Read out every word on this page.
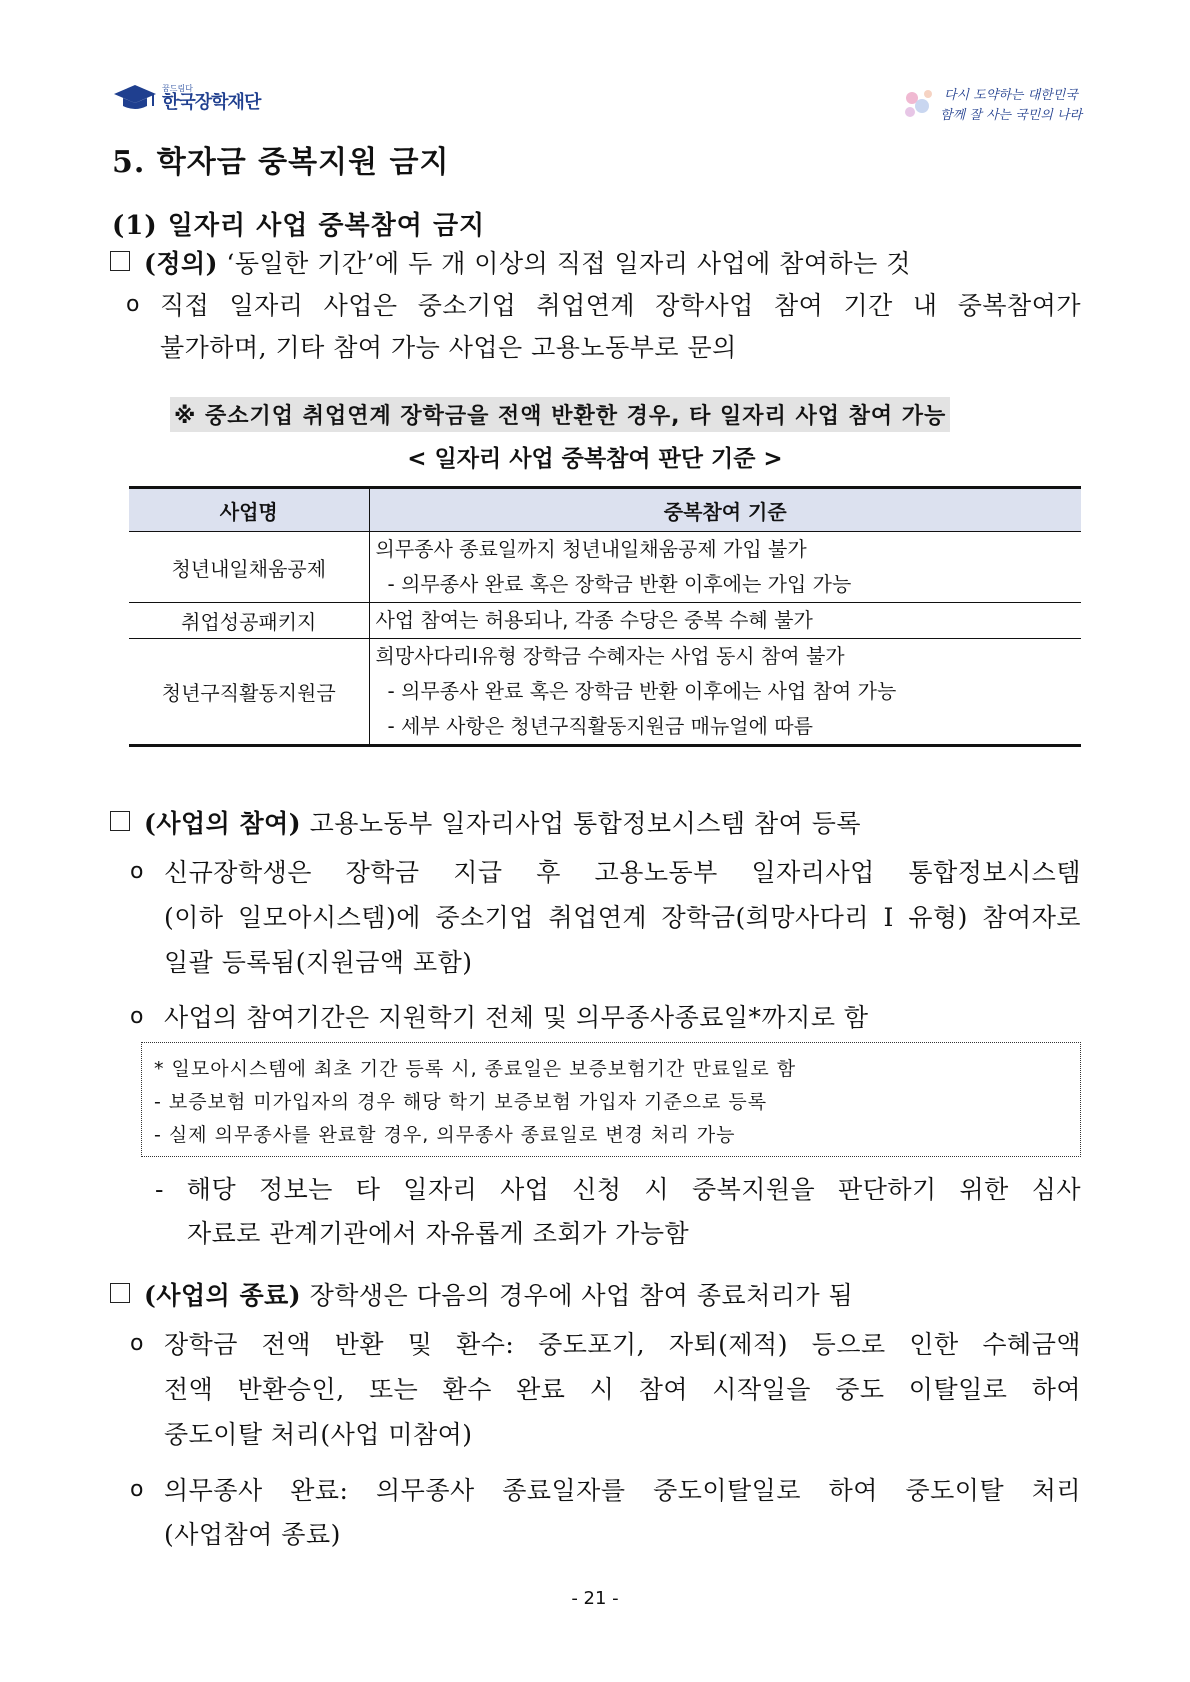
꿈드림다
한국장학재단	다시 도약하는 대한민국
함께 잘 사는 국민의 나라
5. 학자금 중복지원 금지
(1) 일자리 사업 중복참여 금지
(정의) ‘동일한 기간’에 두 개 이상의 직접 일자리 사업에 참여하는 것
o 직접 일자리 사업은 중소기업 취업연계 장학사업 참여 기간 내 중복참여가
불가하며, 기타 참여 가능 사업은 고용노동부로 문의
※ 중소기업 취업연계 장학금을 전액 반환한 경우, 타 일자리 사업 참여 가능
< 일자리 사업 중복참여 판단 기준 >
사업명	중복참여 기준
청년내일채움공제	의무종사 종료일까지 청년내일채움공제 가입 불가
- 의무종사 완료 혹은 장학금 반환 이후에는 가입 가능

취업성공패키지	사업 참여는 허용되나, 각종 수당은 중복 수혜 불가

청년구직활동지원금	희망사다리Ⅰ유형 장학금 수혜자는 사업 동시 참여 불가
- 의무종사 완료 혹은 장학금 반환 이후에는 사업 참여 가능
- 세부 사항은 청년구직활동지원금 매뉴얼에 따름
(사업의 참여) 고용노동부 일자리사업 통합정보시스템 참여 등록
o 신규장학생은 장학금 지급 후 고용노동부 일자리사업 통합정보시스템
(이하 일모아시스템)에 중소기업 취업연계 장학금(희망사다리 I 유형) 참여자로
일괄 등록됨(지원금액 포함)
o 사업의 참여기간은 지원학기 전체 및 의무종사종료일*까지로 함
* 일모아시스템에 최초 기간 등록 시, 종료일은 보증보험기간 만료일로 함
- 보증보험 미가입자의 경우 해당 학기 보증보험 가입자 기준으로 등록
- 실제 의무종사를 완료할 경우, 의무종사 종료일로 변경 처리 가능
- 해당 정보는 타 일자리 사업 신청 시 중복지원을 판단하기 위한 심사
자료로 관계기관에서 자유롭게 조회가 가능함
(사업의 종료) 장학생은 다음의 경우에 사업 참여 종료처리가 됨
o 장학금 전액 반환 및 환수: 중도포기, 자퇴(제적) 등으로 인한 수혜금액
전액 반환승인, 또는 환수 완료 시 참여 시작일을 중도 이탈일로 하여
중도이탈 처리(사업 미참여)
o 의무종사 완료: 의무종사 종료일자를 중도이탈일로 하여 중도이탈 처리
(사업참여 종료)
- 21 -
